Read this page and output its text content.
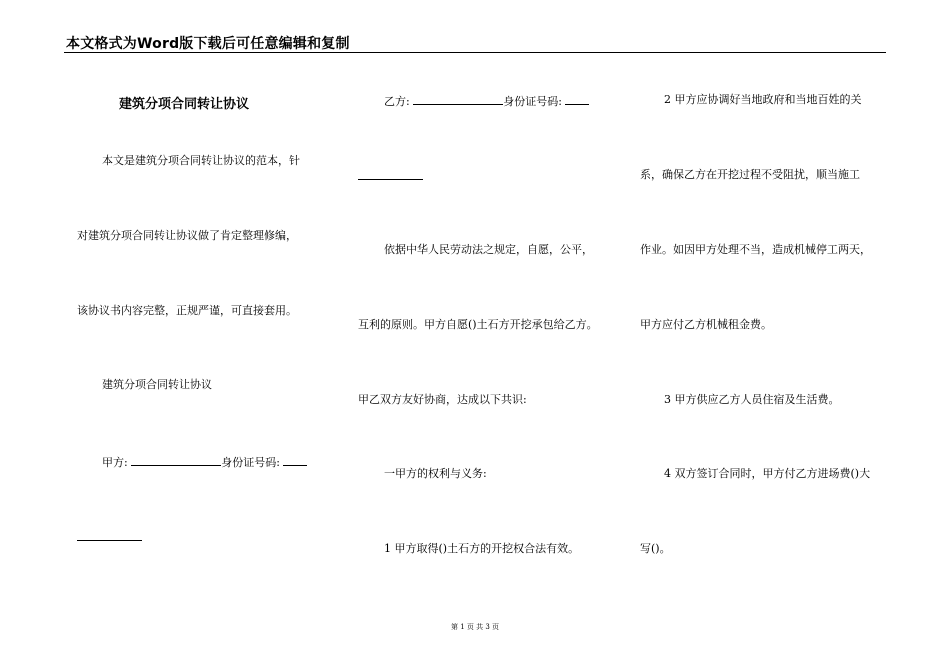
本文格式为Word版下载后可任意编辑和复制
建筑分项合同转让协议
本文是建筑分项合同转让协议的范本，针
对建筑分项合同转让协议做了肯定整理修编，
该协议书内容完整，正规严谨，可直接套用。
建筑分项合同转让协议
甲方:	身份证号码:
乙方:	身份证号码:
依据中华人民劳动法之规定，自愿，公平，
互利的原则。甲方自愿()土石方开挖承包给乙方。
甲乙双方友好协商，达成以下共识:
一甲方的权利与义务:
1 甲方取得()土石方的开挖权合法有效。
2 甲方应协调好当地政府和当地百姓的关
系，确保乙方在开挖过程不受阻扰，顺当施工
作业。如因甲方处理不当，造成机械停工两天，
甲方应付乙方机械租金费。
3 甲方供应乙方人员住宿及生活费。
4 双方签订合同时，甲方付乙方进场费()大
写()。
第 1 页 共 3 页
